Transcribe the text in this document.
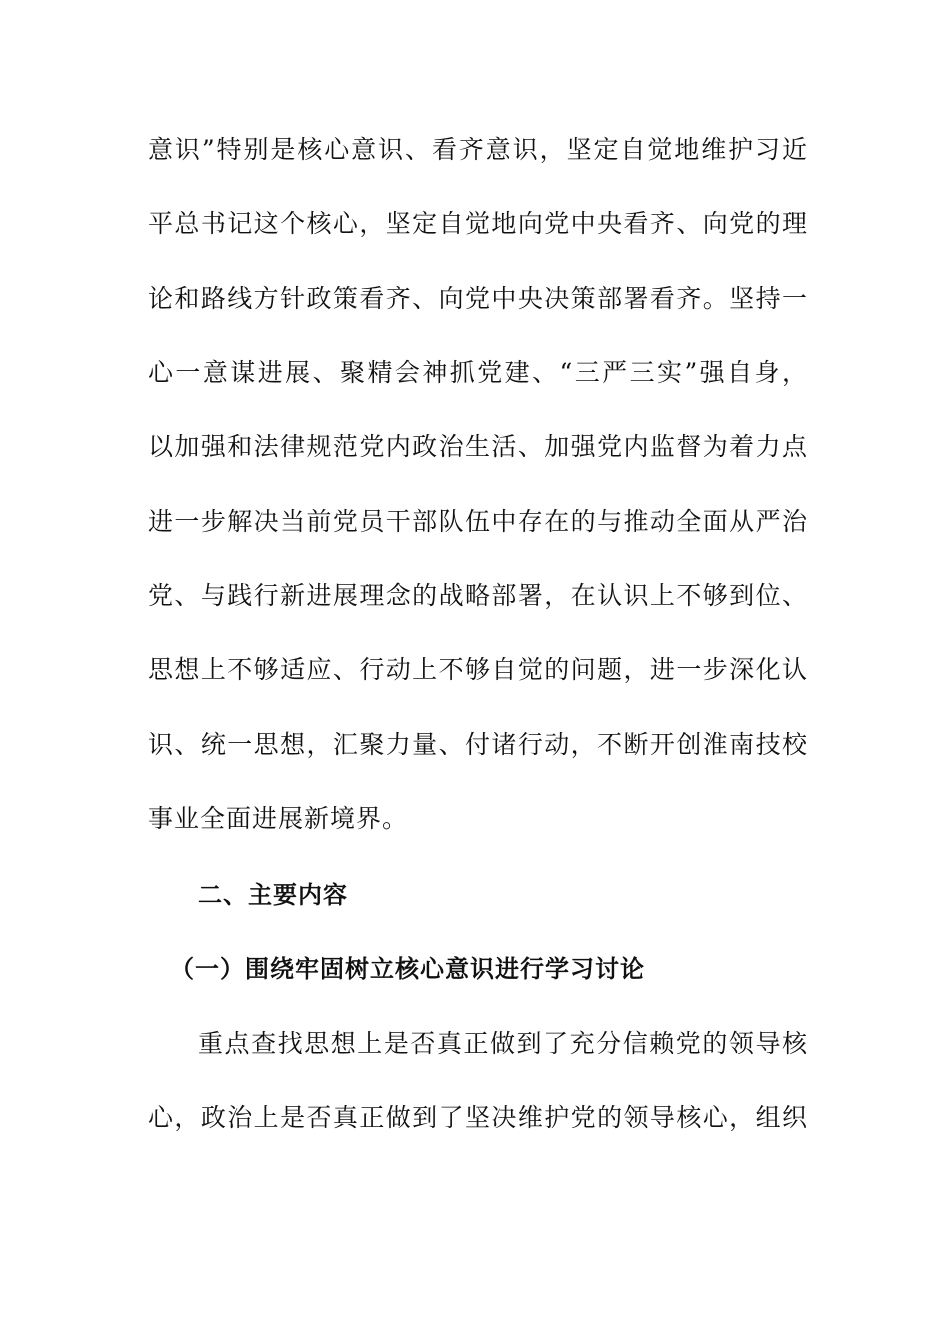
意识”特别是核心意识、看齐意识，坚定自觉地维护习近
平总书记这个核心，坚定自觉地向党中央看齐、向党的理
论和路线方针政策看齐、向党中央决策部署看齐。坚持一
心一意谋进展、聚精会神抓党建、“三严三实”强自身，
以加强和法律规范党内政治生活、加强党内监督为着力点
进一步解决当前党员干部队伍中存在的与推动全面从严治
党、与践行新进展理念的战略部署，在认识上不够到位、
思想上不够适应、行动上不够自觉的问题，进一步深化认
识、统一思想，汇聚力量、付诸行动，不断开创淮南技校
事业全面进展新境界。
二、主要内容
（一）围绕牢固树立核心意识进行学习讨论
重点查找思想上是否真正做到了充分信赖党的领导核
心，政治上是否真正做到了坚决维护党的领导核心，组织
